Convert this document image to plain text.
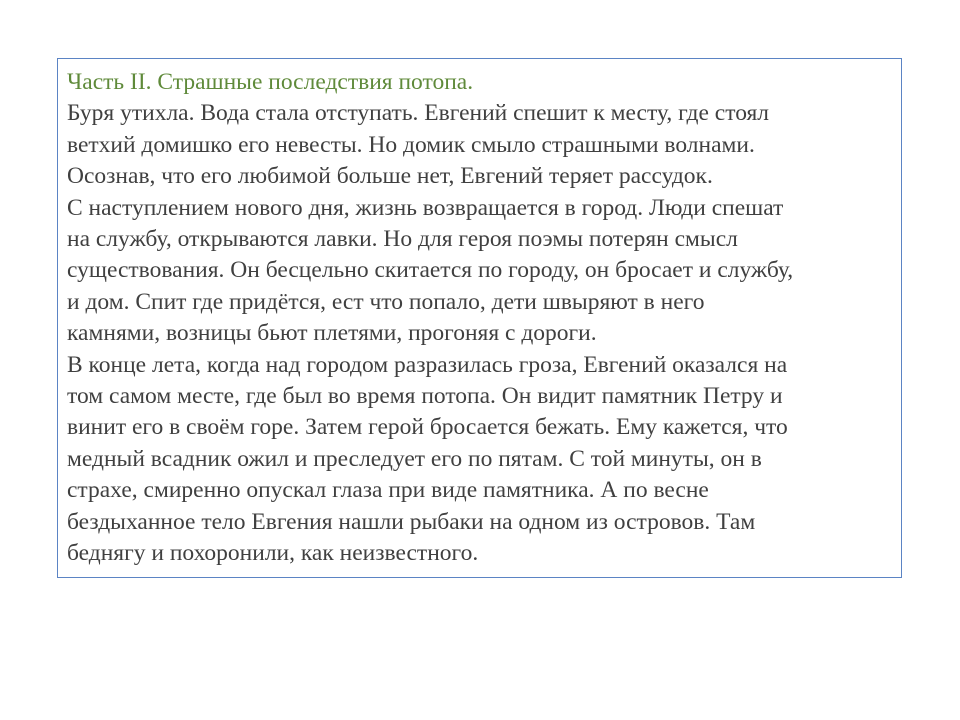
Часть II. Страшные последствия потопа.

Буря утихла. Вода стала отступать. Евгений спешит к месту, где стоял
ветхий домишко его невесты. Но домик смыло страшными волнами.
Осознав, что его любимой больше нет, Евгений теряет рассудок.

С наступлением нового дня, жизнь возвращается в город. Люди спешат
на службу, открываются лавки. Но для героя поэмы потерян смысл
существования. Он бесцельно скитается по городу, он бросает и службу,
и дом. Спит где придётся, ест что попало, дети швыряют в него
камнями, возницы бьют плетями, прогоняя с дороги.

В конце лета, когда над городом разразилась гроза, Евгений оказался на
том самом месте, где был во время потопа. Он видит памятник Петру и
винит его в своём горе. Затем герой бросается бежать. Ему кажется, что
медный всадник ожил и преследует его по пятам. С той минуты, он в
страхе, смиренно опускал глаза при виде памятника. А по весне
бездыханное тело Евгения нашли рыбаки на одном из островов. Там
беднягу и похоронили, как неизвестного.
